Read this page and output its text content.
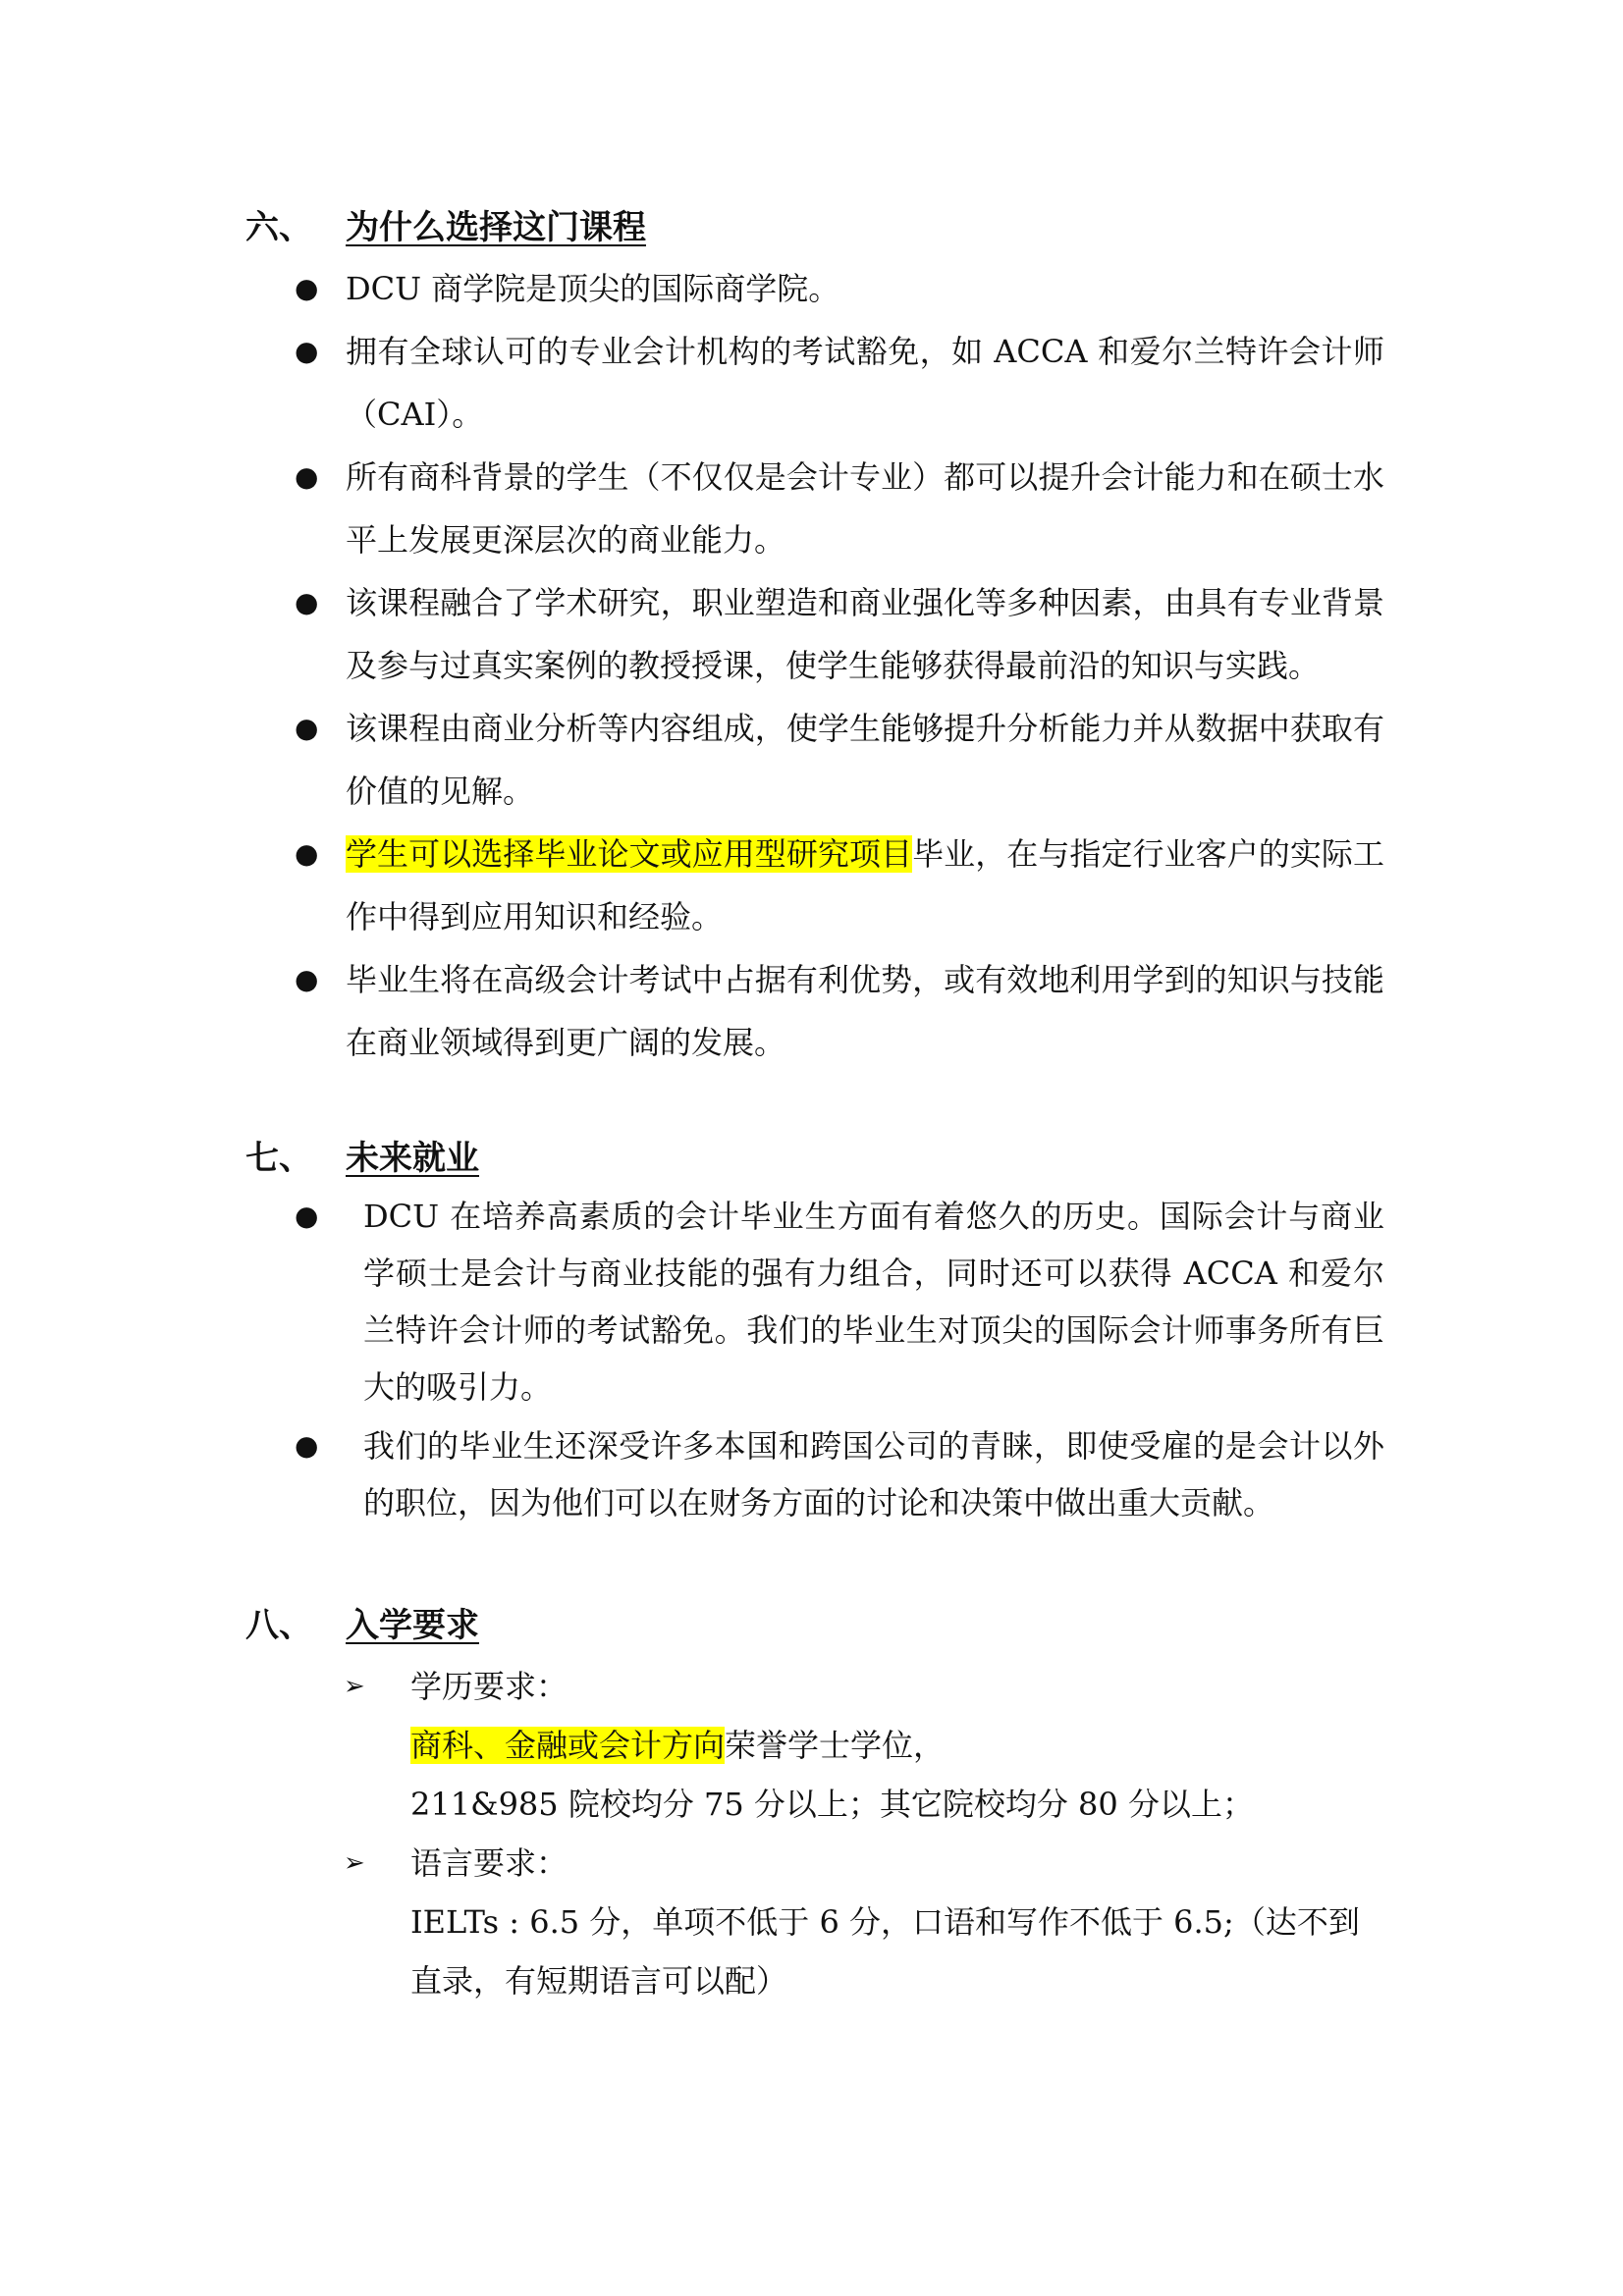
六、 为什么选择这门课程
● DCU 商学院是顶尖的国际商学院。
● 拥有全球认可的专业会计机构的考试豁免，如 ACCA 和爱尔兰特许会计师（CAI）。
● 所有商科背景的学生（不仅仅是会计专业）都可以提升会计能力和在硕士水平上发展更深层次的商业能力。
● 该课程融合了学术研究，职业塑造和商业强化等多种因素，由具有专业背景及参与过真实案例的教授授课，使学生能够获得最前沿的知识与实践。
● 该课程由商业分析等内容组成，使学生能够提升分析能力并从数据中获取有价值的见解。
● 学生可以选择毕业论文或应用型研究项目毕业，在与指定行业客户的实际工作中得到应用知识和经验。
● 毕业生将在高级会计考试中占据有利优势，或有效地利用学到的知识与技能在商业领域得到更广阔的发展。
七、 未来就业
●	DCU 在培养高素质的会计毕业生方面有着悠久的历史。国际会计与商业学硕士是会计与商业技能的强有力组合，同时还可以获得 ACCA 和爱尔兰特许会计师的考试豁免。我们的毕业生对顶尖的国际会计师事务所有巨大的吸引力。
●	我们的毕业生还深受许多本国和跨国公司的青睐，即使受雇的是会计以外的职位，因为他们可以在财务方面的讨论和决策中做出重大贡献。
八、 入学要求
➢ 学历要求：
商科、金融或会计方向荣誉学士学位，
211&985 院校均分 75 分以上；其它院校均分 80 分以上；
➢ 语言要求：
IELTs : 6.5 分，单项不低于 6 分，口语和写作不低于 6.5;（达不到直录，有短期语言可以配）
